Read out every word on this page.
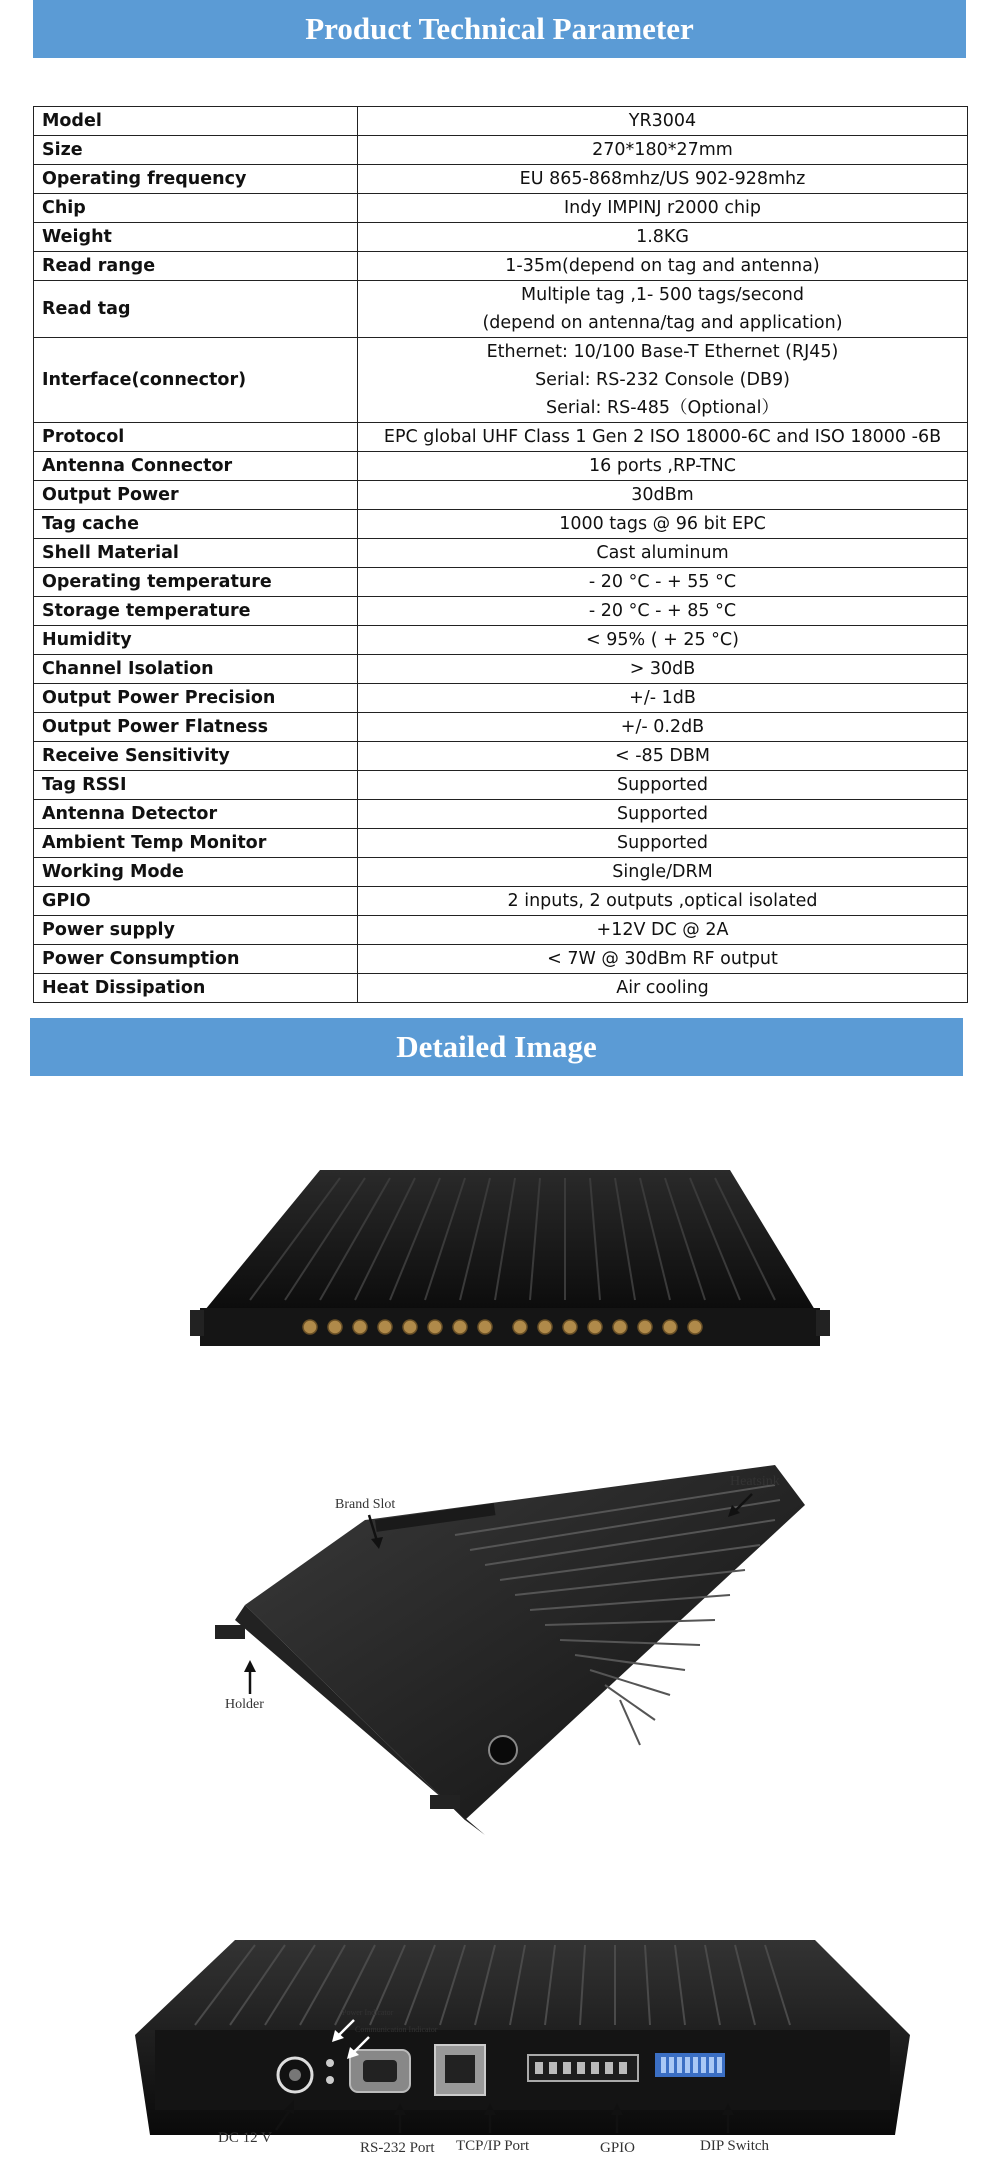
Product Technical Parameter
Model	YR3004

Size	270*180*27mm

Operating frequency	EU 865-868mhz/US 902-928mhz

Chip	Indy IMPINJ r2000 chip

Weight	1.8KG

Read range	1-35m(depend on tag and antenna)

Read tag	Multiple tag ,1- 500 tags/second
(depend on antenna/tag and application)

Interface(connector)	Ethernet: 10/100 Base-T Ethernet (RJ45)
Serial: RS-232 Console (DB9)
Serial: RS-485（Optional）

Protocol	EPC global UHF Class 1 Gen 2 ISO 18000-6C and ISO 18000 -6B

Antenna Connector	16 ports ,RP-TNC

Output Power	30dBm

Tag cache	1000 tags @ 96 bit EPC

Shell Material	Cast aluminum

Operating temperature	- 20 °C - + 55 °C

Storage temperature	- 20 °C - + 85 °C

Humidity	< 95% ( + 25 °C)

Channel Isolation	> 30dB

Output Power Precision	+/- 1dB

Output Power Flatness	+/- 0.2dB

Receive Sensitivity	< -85 DBM

Tag RSSI	Supported

Antenna Detector	Supported

Ambient Temp Monitor	Supported

Working Mode	Single/DRM

GPIO	2 inputs, 2 outputs ,optical isolated

Power supply	+12V DC @ 2A

Power Consumption	< 7W @ 30dBm RF output

Heat Dissipation	Air cooling
Detailed Image
Brand Slot
Heatsink
Holder
Power Indicator
Communication Indicator
DC 12 V
RS-232 Port TCP/IP Port	GPIO	DIP Switch
